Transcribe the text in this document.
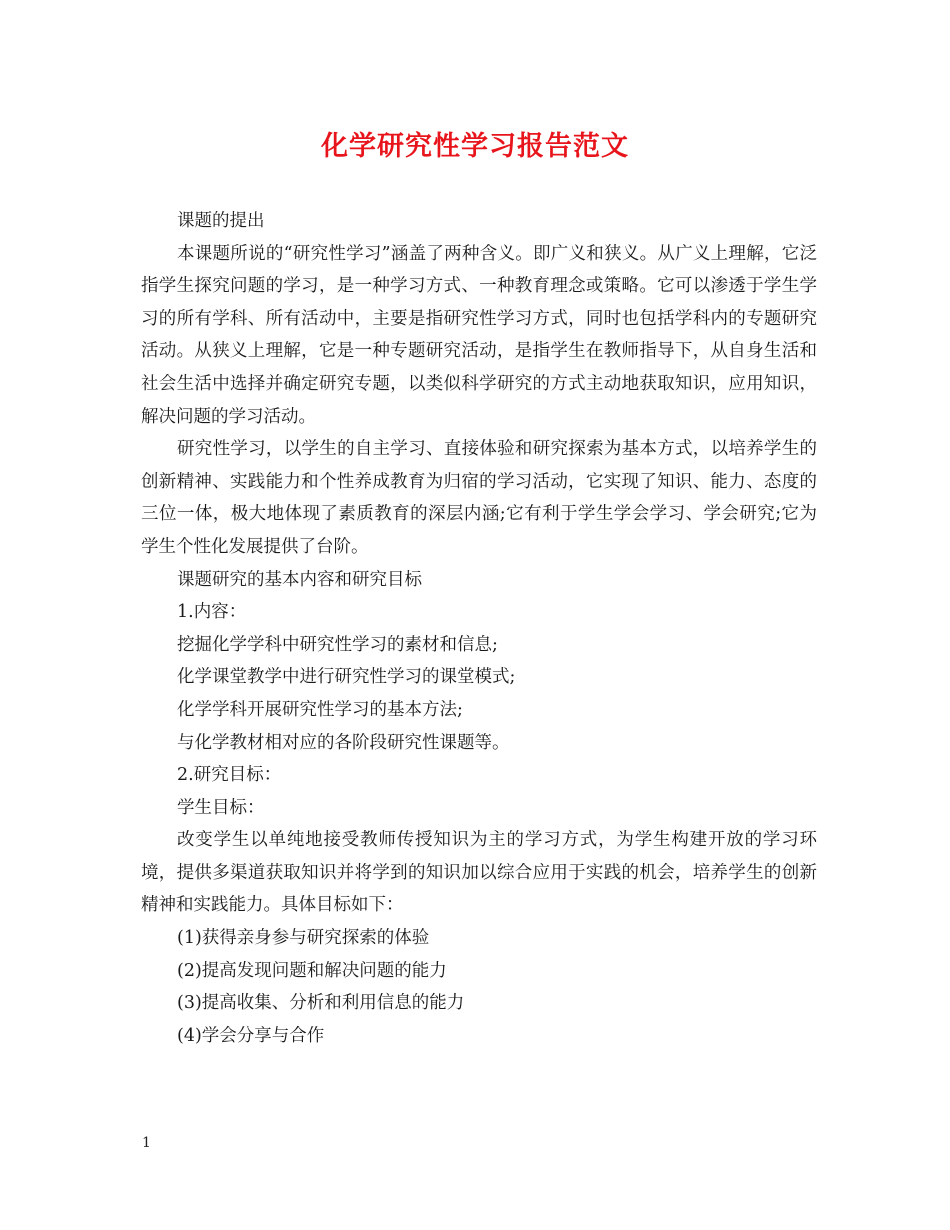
化学研究性学习报告范文

课题的提出

本课题所说的“研究性学习”涵盖了两种含义。即广义和狭义。从广义上理解，它泛指学生探究问题的学习，是一种学习方式、一种教育理念或策略。它可以渗透于学生学习的所有学科、所有活动中，主要是指研究性学习方式，同时也包括学科内的专题研究活动。从狭义上理解，它是一种专题研究活动，是指学生在教师指导下，从自身生活和社会生活中选择并确定研究专题，以类似科学研究的方式主动地获取知识，应用知识，解决问题的学习活动。

研究性学习，以学生的自主学习、直接体验和研究探索为基本方式，以培养学生的创新精神、实践能力和个性养成教育为归宿的学习活动，它实现了知识、能力、态度的三位一体，极大地体现了素质教育的深层内涵;它有利于学生学会学习、学会研究;它为学生个性化发展提供了台阶。

课题研究的基本内容和研究目标

1.内容：

挖掘化学学科中研究性学习的素材和信息;

化学课堂教学中进行研究性学习的课堂模式;

化学学科开展研究性学习的基本方法;

与化学教材相对应的各阶段研究性课题等。

2.研究目标：

学生目标：

改变学生以单纯地接受教师传授知识为主的学习方式，为学生构建开放的学习环境，提供多渠道获取知识并将学到的知识加以综合应用于实践的机会，培养学生的创新精神和实践能力。具体目标如下：

(1)获得亲身参与研究探索的体验

(2)提高发现问题和解决问题的能力

(3)提高收集、分析和利用信息的能力

(4)学会分享与合作

1
